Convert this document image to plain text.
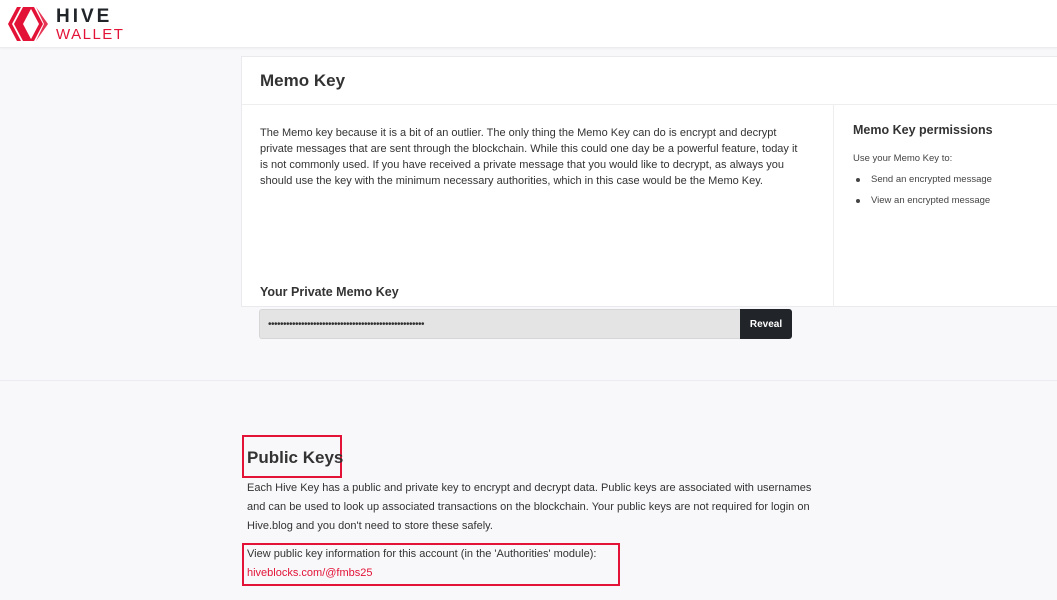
HIVE
WALLET
Memo Key

The Memo key because it is a bit of an outlier. The only thing the Memo Key can do is encrypt and decrypt private messages that are sent through the blockchain. While this could one day be a powerful feature, today it is not commonly used. If you have received a private message that you would like to decrypt, as always you should use the key with the minimum necessary authorities, which in this case would be the Memo Key.

Your Private Memo Key
••••••••••••••••••••••••••••••••••••••••••••••••••••
Reveal
Memo Key permissions
Use your Memo Key to:
Send an encrypted message
View an encrypted message
Public Keys

Each Hive Key has a public and private key to encrypt and decrypt data. Public keys are associated with usernames and can be used to look up associated transactions on the blockchain. Your public keys are not required for login on Hive.blog and you don't need to store these safely.

View public key information for this account (in the 'Authorities' module):

hiveblocks.com/@fmbs25
